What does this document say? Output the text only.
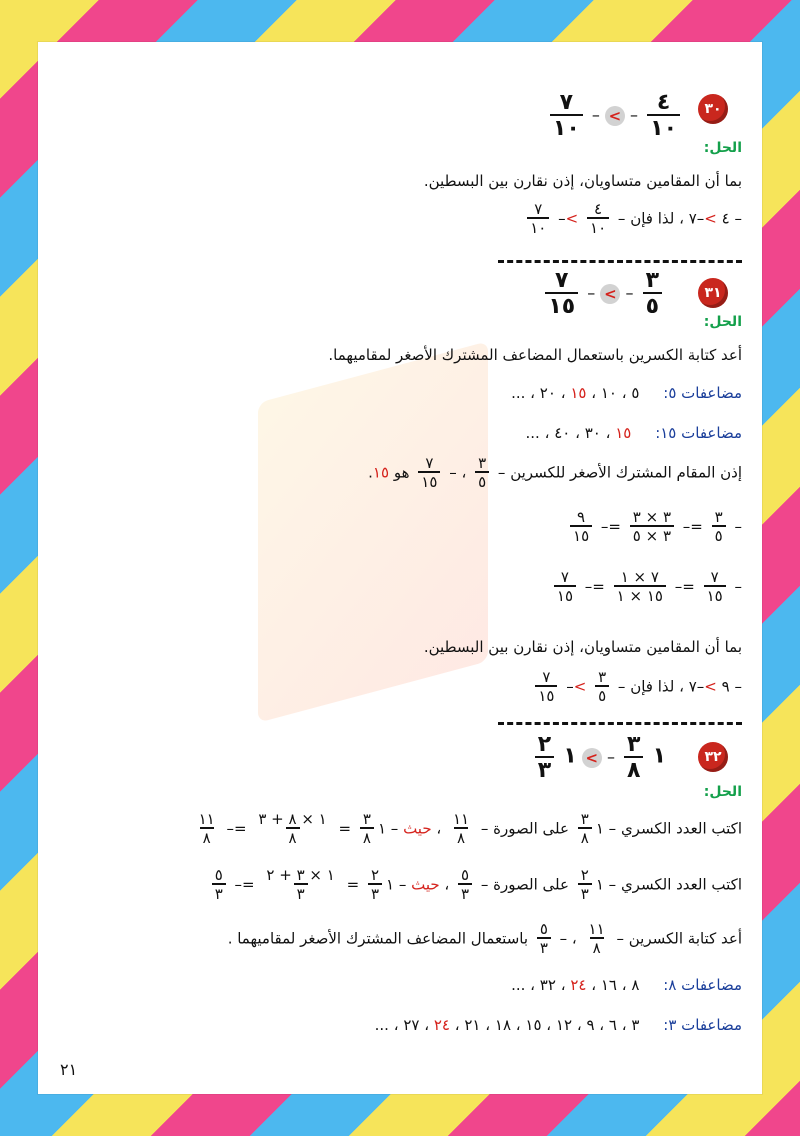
٣٠
$\frac{٤}{١٠}$
– > –
$\frac{٧}{١٠}$
الحل:
بما أن المقامين متساويان، إذن نقارن بين البسطين.
– ٤ >–٧ ، لذا فإن –
$\frac{٤}{١٠}$
>–
$\frac{٧}{١٠}$
٣١
$\frac{٣}{٥}$
– > –
$\frac{٧}{١٥}$
الحل:
أعد كتابة الكسرين باستعمال المضاعف المشترك الأصغر لمقاميهما.
مضاعفات ٥:     ٥ ، ١٠ ، ١٥ ، ٢٠ ، ...
مضاعفات ١٥:     ١٥ ، ٣٠ ، ٤٠ ، ...
إذن المقام المشترك الأصغر للكسرين –
$\frac{٣}{٥}$
، –
$\frac{٧}{١٥}$
هو ١٥.
–
$\frac{٣}{٥}$
=–
$\frac{٣ \times ٣}{٣ \times ٥}$
=–
$\frac{٩}{١٥}$
–
$\frac{٧}{١٥}$
=–
$\frac{٧ \times ١}{١٥ \times ١}$
=–
$\frac{٧}{١٥}$
بما أن المقامين متساويان، إذن نقارن بين البسطين.
– ٩ >–٧ ، لذا فإن –
$\frac{٣}{٥}$
>–
$\frac{٧}{١٥}$
٣٢
١
$\frac{٣}{٨}$
– > ١
$\frac{٢}{٣}$
الحل:
اكتب العدد الكسري – ١
$\frac{٣}{٨}$
على الصورة –
$\frac{١١}{٨}$
، حيث – ١
$\frac{٣}{٨}$
=
$\frac{١ \times ٨ + ٣}{٨}$
=–
$\frac{١١}{٨}$
اكتب العدد الكسري – ١
$\frac{٢}{٣}$
على الصورة –
$\frac{٥}{٣}$
، حيث – ١
$\frac{٢}{٣}$
=
$\frac{١ \times ٣ + ٢}{٣}$
=–
$\frac{٥}{٣}$
أعد كتابة الكسرين –
$\frac{١١}{٨}$
، –
$\frac{٥}{٣}$
باستعمال المضاعف المشترك الأصغر لمقاميهما .
مضاعفات ٨:     ٨ ، ١٦ ، ٢٤ ، ٣٢ ، ...
مضاعفات ٣:     ٣ ، ٦ ، ٩ ، ١٢ ، ١٥ ، ١٨ ، ٢١ ، ٢٤ ، ٢٧ ، ...
٢١
